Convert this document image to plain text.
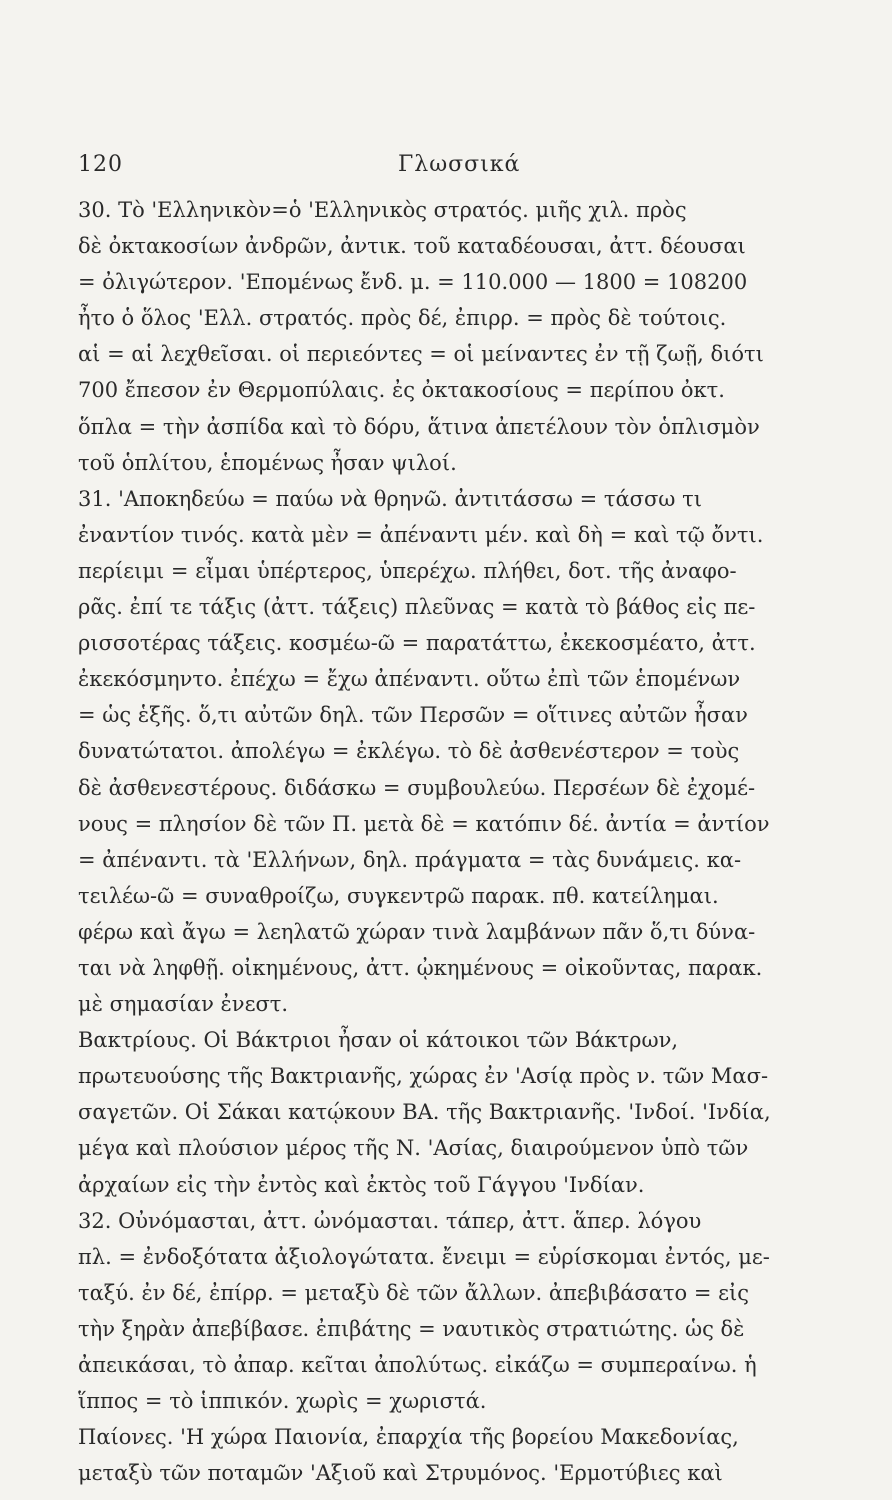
120	Γλωσσικά
30. Τὸ 'Ελληνικὸν=ὁ 'Ελληνικὸς στρατός. μιῆς χιλ. πρὸς
δὲ ὀκτακοσίων ἀνδρῶν, ἀντικ. τοῦ καταδέουσαι, ἀττ. δέουσαι
= ὀλιγώτερον. 'Επομένως ἔνδ. μ. = 110.000 — 1800 = 108200
ἦτο ὁ ὅλος 'Ελλ. στρατός. πρὸς δέ, ἐπιρρ. = πρὸς δὲ τούτοις.
αἱ = αἱ λεχθεῖσαι. οἱ περιεόντες = οἱ μείναντες ἐν τῇ ζωῇ, διότι
700 ἔπεσον ἐν Θερμοπύλαις. ἐς ὀκτακοσίους = περίπου ὀκτ.
ὅπλα = τὴν ἀσπίδα καὶ τὸ δόρυ, ἅτινα ἀπετέλουν τὸν ὁπλισμὸν
τοῦ ὁπλίτου, ἑπομένως ἦσαν ψιλοί.
31. 'Αποκηδεύω = παύω νὰ θρηνῶ. ἀντιτάσσω = τάσσω τι
ἐναντίον τινός. κατὰ μὲν = ἀπέναντι μέν. καὶ δὴ = καὶ τῷ ὄντι.
περίειμι = εἶμαι ὑπέρτερος, ὑπερέχω. πλήθει, δοτ. τῆς ἀναφο-
ρᾶς. ἐπί τε τάξις (ἀττ. τάξεις) πλεῦνας = κατὰ τὸ βάθος εἰς πε-
ρισσοτέρας τάξεις. κοσμέω-ῶ = παρατάττω, ἐκεκοσμέατο, ἀττ.
ἐκεκόσμηντο. ἐπέχω = ἔχω ἀπέναντι. οὕτω ἐπὶ τῶν ἑπομένων
= ὡς ἑξῆς. ὅ,τι αὐτῶν δηλ. τῶν Περσῶν = οἵτινες αὐτῶν ἦσαν
δυνατώτατοι. ἀπολέγω = ἐκλέγω. τὸ δὲ ἀσθενέστερον = τοὺς
δὲ ἀσθενεστέρους. διδάσκω = συμβουλεύω. Περσέων δὲ ἐχομέ-
νους = πλησίον δὲ τῶν Π. μετὰ δὲ = κατόπιν δέ. ἀντία = ἀντίον
= ἀπέναντι. τὰ 'Ελλήνων, δηλ. πράγματα = τὰς δυνάμεις. κα-
τειλέω-ῶ = συναθροίζω, συγκεντρῶ παρακ. πθ. κατείλημαι.
φέρω καὶ ἄγω = λεηλατῶ χώραν τινὰ λαμβάνων πᾶν ὅ,τι δύνα-
ται νὰ ληφθῇ. οἰκημένους, ἀττ. ᾠκημένους = οἰκοῦντας, παρακ.
μὲ σημασίαν ἐνεστ.
Βακτρίους. Οἱ Βάκτριοι ἦσαν οἱ κάτοικοι τῶν Βάκτρων,
πρωτευούσης τῆς Βακτριανῆς, χώρας ἐν 'Ασίᾳ πρὸς ν. τῶν Μασ-
σαγετῶν. Οἱ Σάκαι κατῴκουν ΒΑ. τῆς Βακτριανῆς. 'Ινδοί. 'Ινδία,
μέγα καὶ πλούσιον μέρος τῆς Ν. 'Ασίας, διαιρούμενον ὑπὸ τῶν
ἀρχαίων εἰς τὴν ἐντὸς καὶ ἐκτὸς τοῦ Γάγγου 'Ινδίαν.
32. Οὐνόμασται, ἀττ. ὠνόμασται. τάπερ, ἀττ. ἅπερ. λόγου
πλ. = ἐνδοξότατα ἀξιολογώτατα. ἔνειμι = εὑρίσκομαι ἐντός, με-
ταξύ. ἐν δέ, ἐπίρρ. = μεταξὺ δὲ τῶν ἄλλων. ἀπεβιβάσατο = εἰς
τὴν ξηρὰν ἀπεβίβασε. ἐπιβάτης = ναυτικὸς στρατιώτης. ὡς δὲ
ἀπεικάσαι, τὸ ἀπαρ. κεῖται ἀπολύτως. εἰκάζω = συμπεραίνω. ἡ
ἵππος = τὸ ἱππικόν. χωρὶς = χωριστά.
Παίονες. 'Η χώρα Παιονία, ἐπαρχία τῆς βορείου Μακεδονίας,
μεταξὺ τῶν ποταμῶν 'Αξιοῦ καὶ Στρυμόνος. 'Ερμοτύβιες καὶ
